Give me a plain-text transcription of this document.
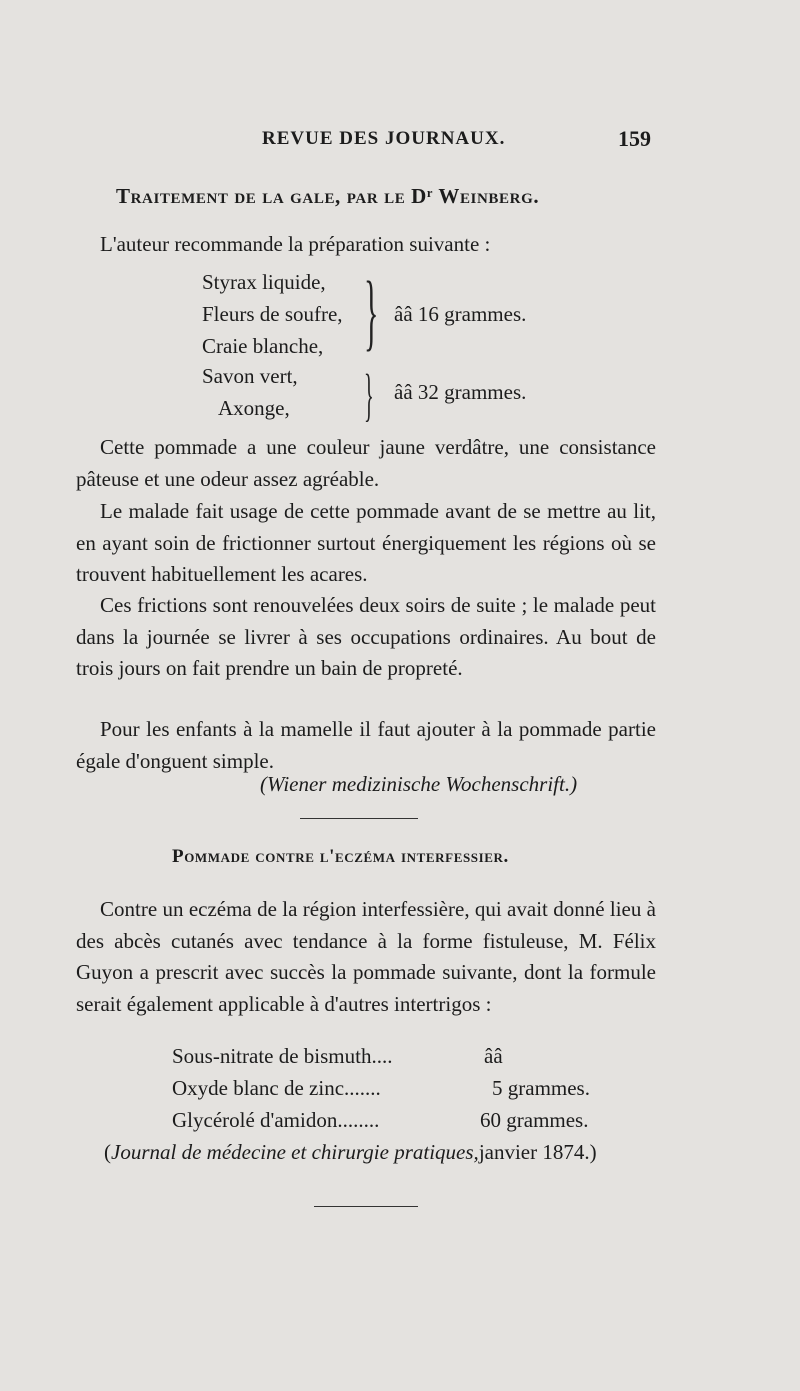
REVUE DES JOURNAUX.	159
Traitement de la gale, par le Dʳ Weinberg.
L'auteur recommande la préparation suivante :
Styrax liquide,
Fleurs de soufre,
Craie blanche, } ââ 16 grammes.
Savon vert,
Axonge, } ââ 32 grammes.
Cette pommade a une couleur jaune verdâtre, une consistance pâteuse et une odeur assez agréable.
Le malade fait usage de cette pommade avant de se mettre au lit, en ayant soin de frictionner surtout énergiquement les régions où se trouvent habituellement les acares.
Ces frictions sont renouvelées deux soirs de suite ; le malade peut dans la journée se livrer à ses occupations ordinaires. Au bout de trois jours on fait prendre un bain de propreté.
Pour les enfants à la mamelle il faut ajouter à la pommade partie égale d'onguent simple.
(Wiener medizinische Wochenschrift.)
Pommade contre l'eczéma interfessier.
Contre un eczéma de la région interfessière, qui avait donné lieu à des abcès cutanés avec tendance à la forme fistuleuse, M. Félix Guyon a prescrit avec succès la pommade suivante, dont la formule serait également applicable à d'autres intertrigos :
Sous-nitrate de bismuth....	ââ
Oxyde blanc de zinc.......	5 grammes.
Glycérolé d'amidon........	60 grammes.
(Journal de médecine et chirurgie pratiques,janvier 1874.)
